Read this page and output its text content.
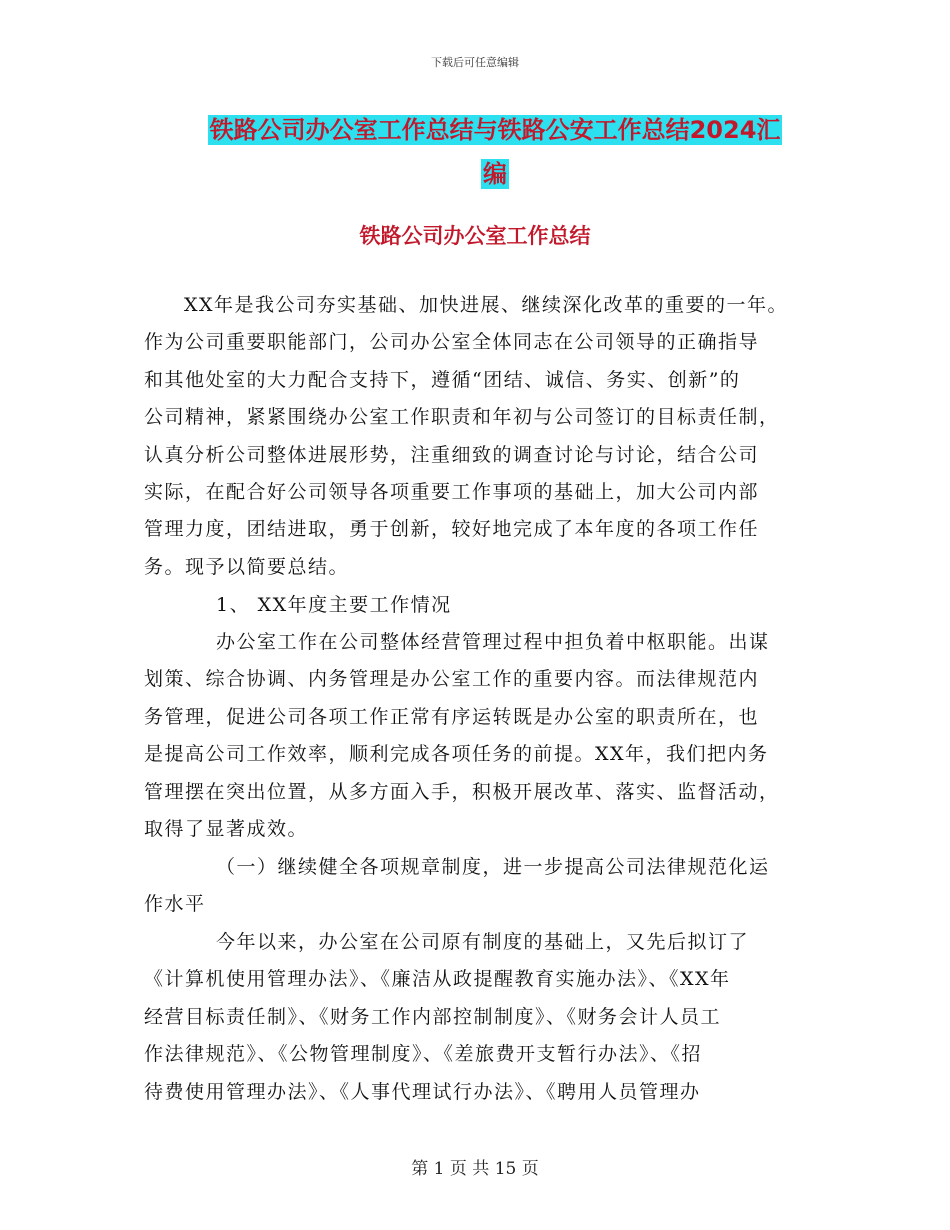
下载后可任意编辑
铁路公司办公室工作总结与铁路公安工作总结2024汇
编
铁路公司办公室工作总结
XX年是我公司夯实基础、加快进展、继续深化改革的重要的一年。
作为公司重要职能部门，公司办公室全体同志在公司领导的正确指导
和其他处室的大力配合支持下，遵循“团结、诚信、务实、创新”的
公司精神，紧紧围绕办公室工作职责和年初与公司签订的目标责任制，
认真分析公司整体进展形势，注重细致的调查讨论与讨论，结合公司
实际，在配合好公司领导各项重要工作事项的基础上，加大公司内部
管理力度，团结进取，勇于创新，较好地完成了本年度的各项工作任
务。现予以简要总结。
1、 XX年度主要工作情况
办公室工作在公司整体经营管理过程中担负着中枢职能。出谋
划策、综合协调、内务管理是办公室工作的重要内容。而法律规范内
务管理，促进公司各项工作正常有序运转既是办公室的职责所在，也
是提高公司工作效率，顺利完成各项任务的前提。XX年，我们把内务
管理摆在突出位置，从多方面入手，积极开展改革、落实、监督活动，
取得了显著成效。
（一）继续健全各项规章制度，进一步提高公司法律规范化运
作水平
今年以来，办公室在公司原有制度的基础上，又先后拟订了
《计算机使用管理办法》、《廉洁从政提醒教育实施办法》、《XX年
经营目标责任制》、《财务工作内部控制制度》、《财务会计人员工
作法律规范》、《公物管理制度》、《差旅费开支暂行办法》、《招
待费使用管理办法》、《人事代理试行办法》、《聘用人员管理办
第 1 页 共 15 页
